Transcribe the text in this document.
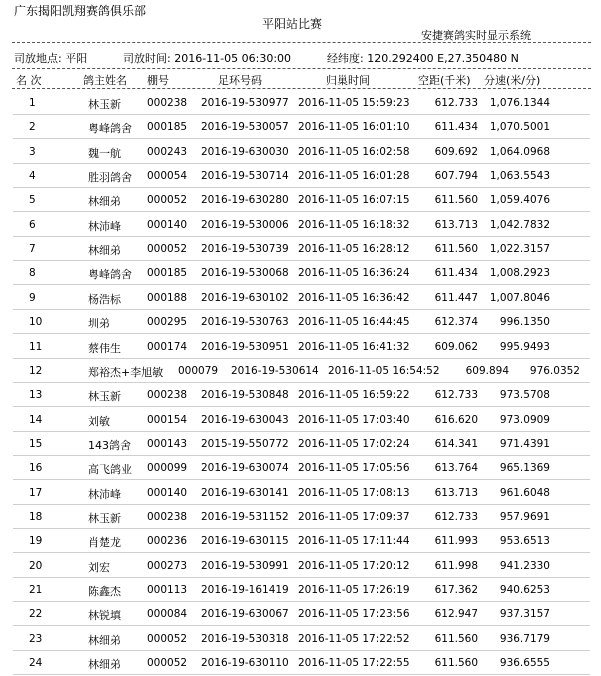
广东揭阳凯翔赛鸽俱乐部
平阳站比赛
安捷赛鸽实时显示系统
司放地点: 平阳	司放时间: 2016-11-05 06:30:00	经纬度: 120.292400 E,27.350480 N
名 次	鸽主姓名 棚号	足环号码	归巢时间	空距(千米) 分速(米/分)
1	林玉新 000238 2016-19-530977 2016-11-05 15:59:23	612.733	1,076.1344
2	粤峰鸽舍 000185 2016-19-530057 2016-11-05 16:01:10	611.434	1,070.5001
3	魏一航 000243 2016-19-630030 2016-11-05 16:02:58	609.692	1,064.0968
4	胜羽鸽舍 000054 2016-19-530714 2016-11-05 16:01:28	607.794	1,063.5543
5	林细弟 000052 2016-19-630280 2016-11-05 16:07:15	611.560	1,059.4076
6	林沛峰 000140 2016-19-530006 2016-11-05 16:18:32	613.713	1,042.7832
7	林细弟 000052 2016-19-530739 2016-11-05 16:28:12	611.560	1,022.3157
8	粤峰鸽舍 000185 2016-19-530068 2016-11-05 16:36:24	611.434	1,008.2923
9	杨浩标 000188 2016-19-630102 2016-11-05 16:36:42	611.447	1,007.8046
10	圳弟	000295 2016-19-530763 2016-11-05 16:44:45	612.374	996.1350
11	蔡伟生 000174 2016-19-530951 2016-11-05 16:41:32	609.062	995.9493
12	郑裕杰+李旭敏 000079 2016-19-530614 2016-11-05 16:54:52	609.894	976.0352
13	林玉新 000238 2016-19-530848 2016-11-05 16:59:22	612.733	973.5708
14	刘敏	000154 2016-19-630043 2016-11-05 17:03:40	616.620	973.0909
15	143鸽舍 000143 2015-19-550772 2016-11-05 17:02:24	614.341	971.4391
16	高飞鸽业 000099 2016-19-630074 2016-11-05 17:05:56	613.764	965.1369
17	林沛峰 000140 2016-19-630141 2016-11-05 17:08:13	613.713	961.6048
18	林玉新 000238 2016-19-531152 2016-11-05 17:09:37	612.733	957.9691
19	肖楚龙 000236 2016-19-630115 2016-11-05 17:11:44	611.993	953.6513
20	刘宏	000273 2016-19-530991 2016-11-05 17:20:12	611.998	941.2330
21	陈鑫杰 000113 2016-19-161419 2016-11-05 17:26:19	617.362	940.6253
22	林锐填 000084 2016-19-630067 2016-11-05 17:23:56	612.947	937.3157
23	林细弟 000052 2016-19-530318 2016-11-05 17:22:52	611.560	936.7179
24	林细弟 000052 2016-19-630110 2016-11-05 17:22:55	611.560	936.6555
